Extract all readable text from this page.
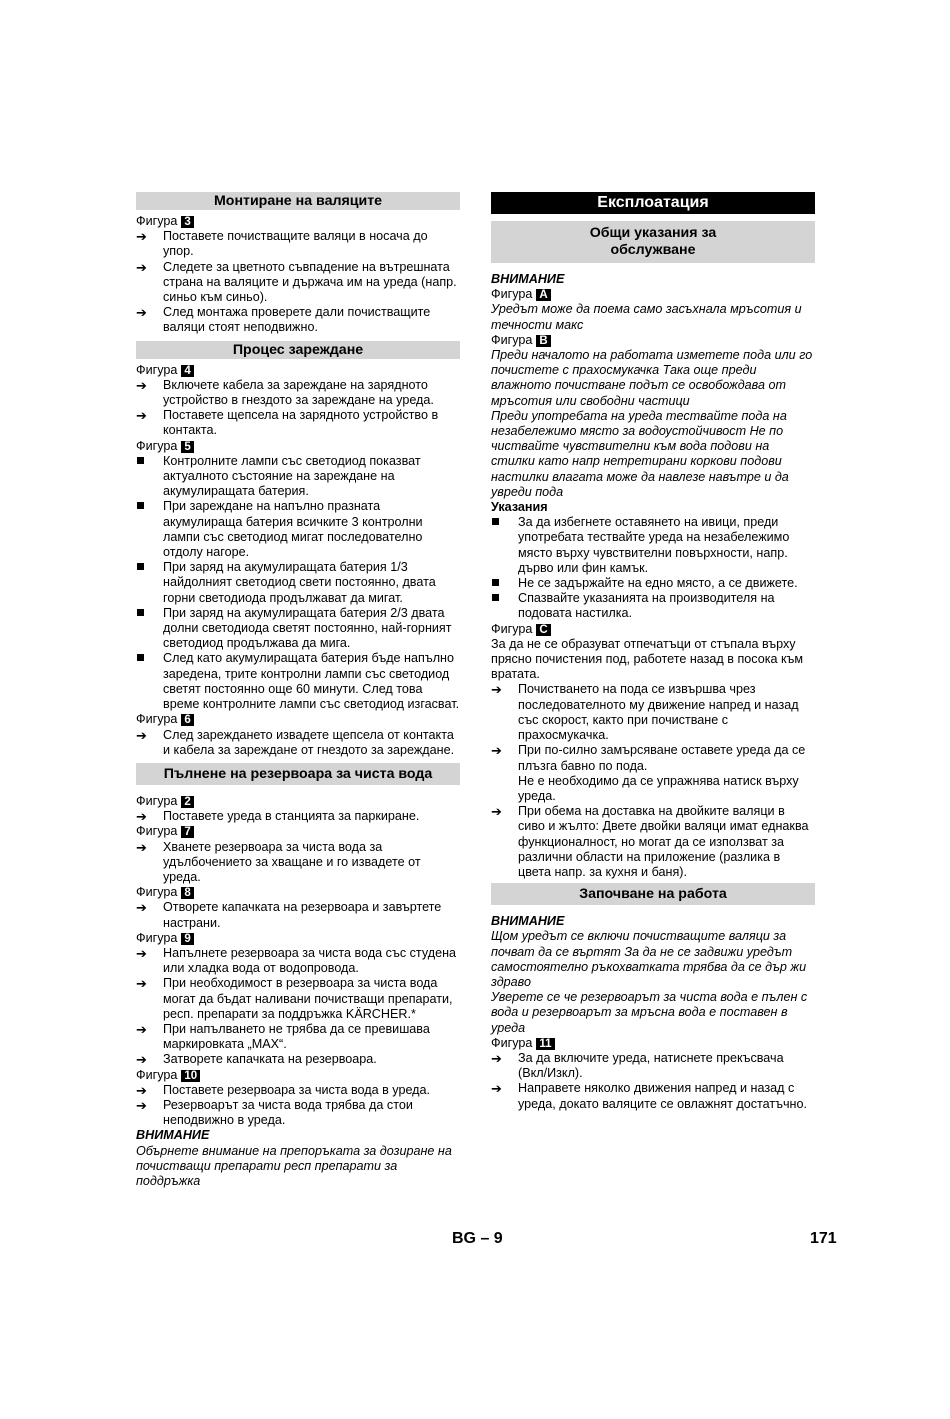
Монтиране на валяците

Фигура 3

➔
Поставете почистващите валяци в носача до упор.
➔
Следете за цветното съвпадение на вътрешната страна на валяците и държача им на уреда (напр. синьо към синьо).
➔
След монтажа проверете дали почистващите валяци стоят неподвижно.
Процес зареждане

Фигура 4

➔
Включете кабела за зареждане на зарядното устройство в гнездото за зареждане на уреда.
➔
Поставете щепсела на зарядното устройство в контакта.

Фигура 5

Контролните лампи със светодиод показват актуалното състояние на зареждане на акумулиращата батерия.
При зареждане на напълно празната акумулираща батерия всичките 3 контролни лампи със светодиод мигат последователно отдолу нагоре.
При заряд на акумулиращата батерия 1/3 найдолният светодиод свети постоянно, двата горни светодиода продължават да мигат.
При заряд на акумулиращата батерия 2/3 двата долни светодиода светят постоянно, най-горният светодиод продължава да мига.
След като акумулиращата батерия бъде напълно заредена, трите контролни лампи със светодиод светят постоянно още 60 минути. След това време контролните лампи със светодиод изгасват.

Фигура 6

➔
След зареждането извадете щепсела от контакта и кабела за зареждане от гнездото за зареждане.
Пълнене на резервоара за чиста вода

Фигура 2

➔
Поставете уреда в станцията за паркиране.

Фигура 7

➔
Хванете резервоара за чиста вода за удълбочението за хващане и го извадете от уреда.

Фигура 8

➔
Отворете капачката на резервоара и завъртете настрани.

Фигура 9

➔
Напълнете резервоара за чиста вода със студена или хладка вода от водопровода.
➔
При необходимост в резервоара за чиста вода могат да бъдат наливани почистващи препарати, респ. препарати за поддръжка KÄRCHER.*
➔
При напълването не трябва да се превишава маркировката „MAX“.
➔
Затворете капачката на резервоара.

Фигура 10

➔
Поставете резервоара за чиста вода в уреда.
➔
Резервоарът за чиста вода трябва да стои неподвижно в уреда.

ВНИМАНИЕ

Обърнете внимание на препоръката за дозиране на почистващи препарати респ препарати за поддръжка

Експлоатация
Общи указания за
обслужване

ВНИМАНИЕ

Фигура A

Уредът може да поема само засъхнала мръсотия и течности макс

Фигура B

Преди началото на работата изметете пода или го почистете с прахосмукачка Така още преди влажното почистване подът се освобождава от мръсотия или свободни частици

Преди употребата на уреда тествайте пода на незабележимо място за водоустойчивост Не по чиствайте чувствителни към вода подови на стилки като напр нетретирани коркови подови настилки влагата може да навлезе навътре и да увреди пода

Указания

За да избегнете оставянето на ивици, преди употребата тествайте уреда на незабележимо място върху чувствителни повърхности, напр. дърво или фин камък.
Не се задържайте на едно място, а се движете.
Спазвайте указанията на производителя на подовата настилка.

Фигура C

За да не се образуват отпечатъци от стъпала върху прясно почистения под, работете назад в посока към вратата.

➔
Почистването на пода се извършва чрез последователното му движение напред и назад със скорост, както при почистване с прахосмукачка.
➔
При по-силно замърсяване оставете уреда да се плъзга бавно по пода.
Не е необходимо да се упражнява натиск върху уреда.
➔
При обема на доставка на двойките валяци в сиво и жълто: Двете двойки валяци имат еднаква функционалност, но могат да се използват за различни области на приложение (разлика в цвета напр. за кухня и баня).
Започване на работа

ВНИМАНИЕ

Щом уредът се включи почистващите валяци за почват да се въртят За да не се задвижи уредът самостоятелно ръкохватката трябва да се дър жи здраво

Уверете се че резервоарът за чиста вода е пълен с вода и резервоарът за мръсна вода е поставен в уреда

Фигура 11

➔
За да включите уреда, натиснете прекъсвача (Вкл/Изкл).
➔
Направете няколко движения напред и назад с уреда, докато валяците се овлажнят достатъчно.
BG – 9	171
